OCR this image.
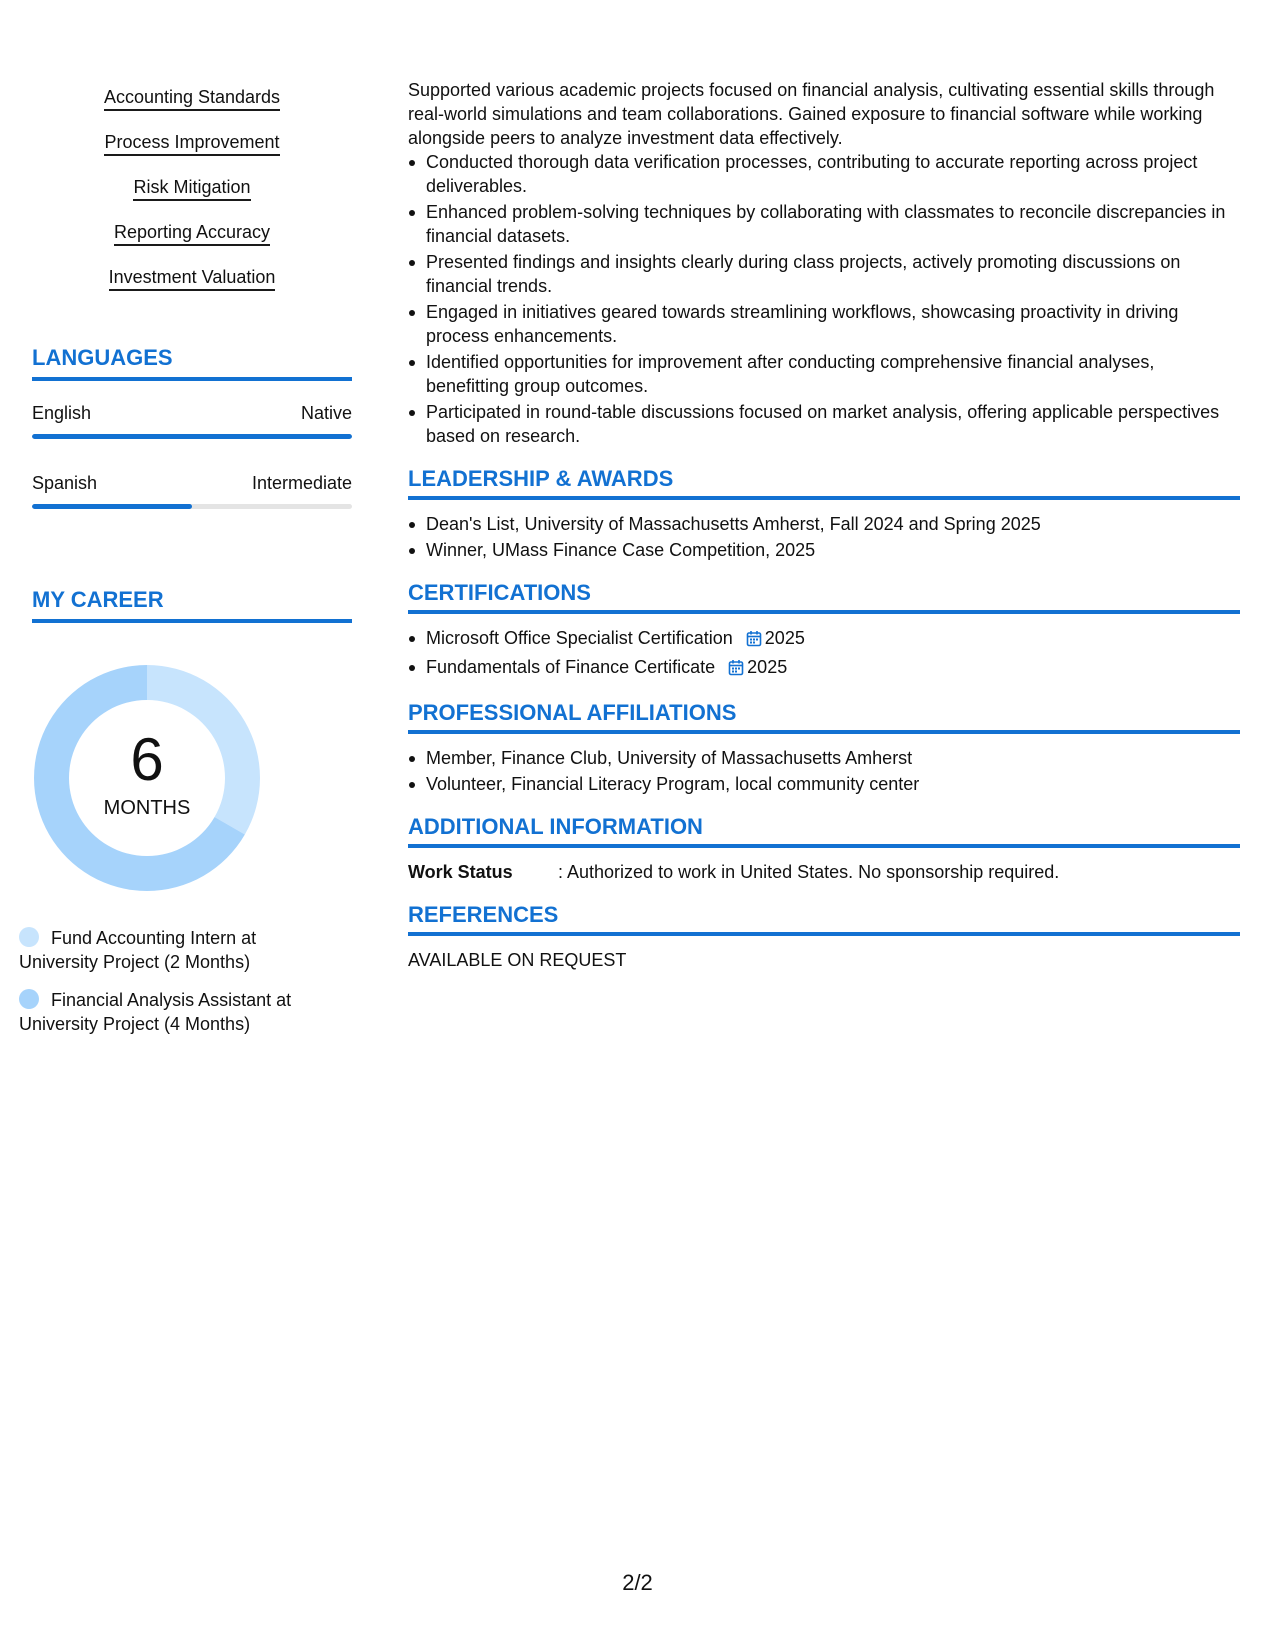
Accounting Standards
Process Improvement
Risk Mitigation
Reporting Accuracy
Investment Valuation
LANGUAGES
English	Native
Spanish	Intermediate
MY CAREER
6
MONTHS
Fund Accounting Intern at University Project (2 Months)
Financial Analysis Assistant at University Project (4 Months)

Supported various academic projects focused on financial analysis, cultivating essential skills through real-world simulations and team collaborations. Gained exposure to financial software while working alongside peers to analyze investment data effectively.

Conducted thorough data verification processes, contributing to accurate reporting across project deliverables.
Enhanced problem-solving techniques by collaborating with classmates to reconcile discrepancies in financial datasets.
Presented findings and insights clearly during class projects, actively promoting discussions on financial trends.
Engaged in initiatives geared towards streamlining workflows, showcasing proactivity in driving process enhancements.
Identified opportunities for improvement after conducting comprehensive financial analyses, benefitting group outcomes.
Participated in round-table discussions focused on market analysis, offering applicable perspectives based on research.
LEADERSHIP & AWARDS
Dean's List, University of Massachusetts Amherst, Fall 2024 and Spring 2025
Winner, UMass Finance Case Competition, 2025
CERTIFICATIONS
Microsoft Office Specialist Certification 2025
Fundamentals of Finance Certificate 2025
PROFESSIONAL AFFILIATIONS
Member, Finance Club, University of Massachusetts Amherst
Volunteer, Financial Literacy Program, local community center
ADDITIONAL INFORMATION
Work Status	: Authorized to work in United States. No sponsorship required.
REFERENCES
AVAILABLE ON REQUEST
2/2
